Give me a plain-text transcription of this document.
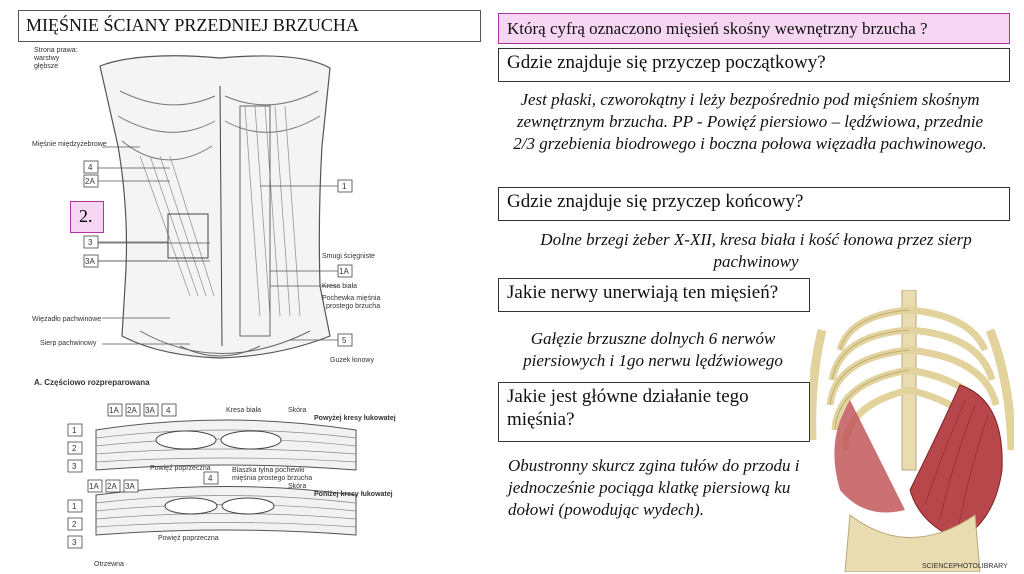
MIĘŚNIE ŚCIANY PRZEDNIEJ BRZUCHA
4
2A
3
3A
1
1A
5
Strona prawa:
warstwy
głębsze
Mięśnie międzyżebrowe
Więzadło pachwinowe
Sierp pachwinowy
Smugi ścięgniste
Kresa biała
Pochewka mięśnia
prostego brzucha
Guzek łonowy
A. Częściowo rozpreparowana
2.
1A 2A 3A 4
1
2
3
1A 2A 3A
4
1
2
3
Kresa biała	Skóra
Powyżej kresy łukowatej
Powięź poprzeczna	Blaszka tylna pochewki
mięśnia prostego brzucha
Skóra
Poniżej kresy łukowatej
Powięź poprzeczna
Otrzewna
Którą cyfrą oznaczono mięsień skośny wewnętrzny brzucha ?
Gdzie znajduje się przyczep początkowy?
Jest płaski, czworokątny i leży bezpośrednio pod mięśniem skośnym zewnętrznym brzucha. PP - Powięź piersiowo – lędźwiowa, przednie 2/3 grzebienia biodrowego i boczna połowa więzadła pachwinowego.
Gdzie znajduje się przyczep końcowy?
Dolne brzegi żeber X-XII, kresa biała i kość łonowa przez sierp pachwinowy
Jakie nerwy unerwiają ten mięsień?
Gałęzie brzuszne dolnych 6 nerwów piersiowych i 1go nerwu lędźwiowego
Jakie jest główne działanie tego mięśnia?
Obustronny skurcz zgina tułów do przodu i jednocześnie pociąga klatkę piersiową ku dołowi (powodując wydech).
SCIENCEPHOTOLIBRARY
